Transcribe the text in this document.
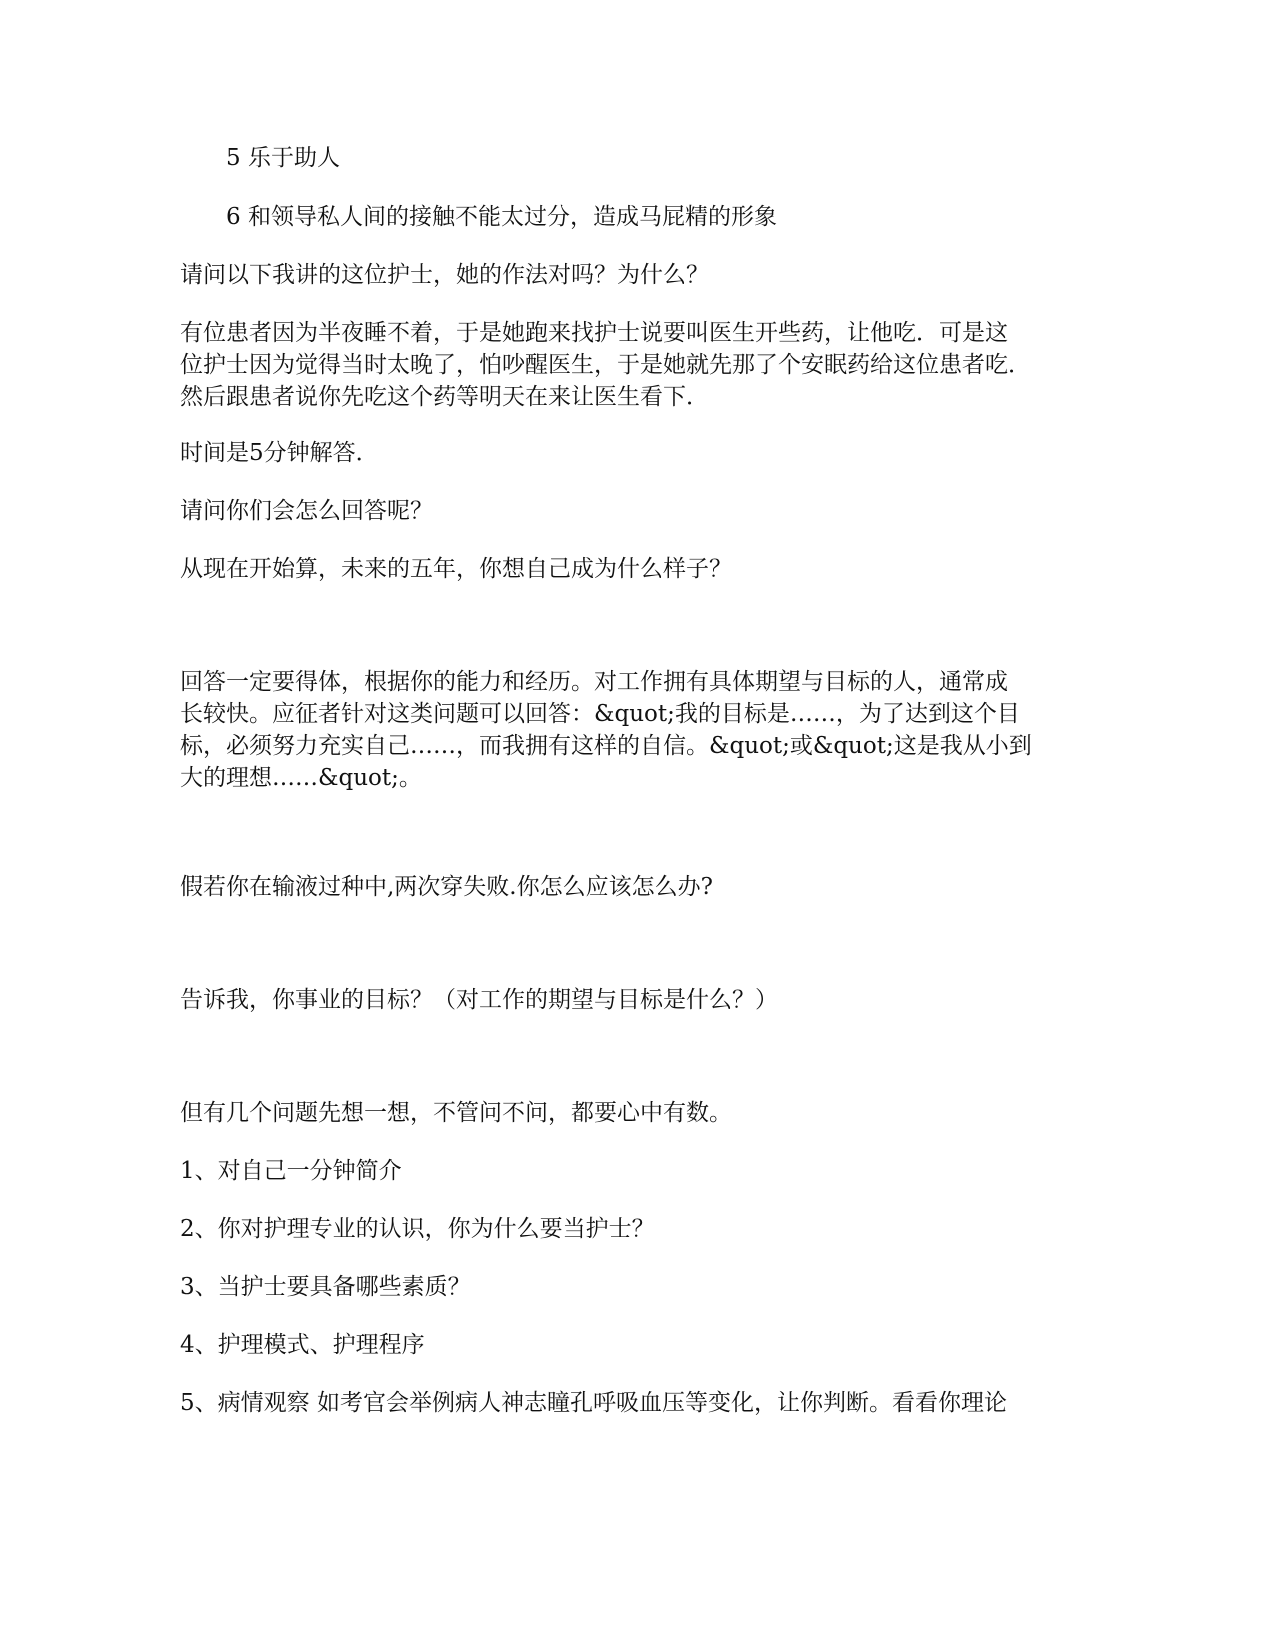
5 乐于助人
6 和领导私人间的接触不能太过分，造成马屁精的形象
请问以下我讲的这位护士，她的作法对吗？为什么？
有位患者因为半夜睡不着，于是她跑来找护士说要叫医生开些药，让他吃．可是这
位护士因为觉得当时太晚了，怕吵醒医生，于是她就先那了个安眠药给这位患者吃．
然后跟患者说你先吃这个药等明天在来让医生看下．
时间是5分钟解答．
请问你们会怎么回答呢？
从现在开始算，未来的五年，你想自己成为什么样子？
回答一定要得体，根据你的能力和经历。对工作拥有具体期望与目标的人，通常成
长较快。应征者针对这类问题可以回答：&quot;我的目标是……，为了达到这个目
标，必须努力充实自己……，而我拥有这样的自信。&quot;或&quot;这是我从小到
大的理想……&quot;。
假若你在输液过种中,两次穿失败.你怎么应该怎么办?
告诉我，你事业的目标？（对工作的期望与目标是什么？）
但有几个问题先想一想，不管问不问，都要心中有数。
1、对自己一分钟简介
2、你对护理专业的认识，你为什么要当护士？
3、当护士要具备哪些素质？
4、护理模式、护理程序
5、病情观察 如考官会举例病人神志瞳孔呼吸血压等变化，让你判断。看看你理论
